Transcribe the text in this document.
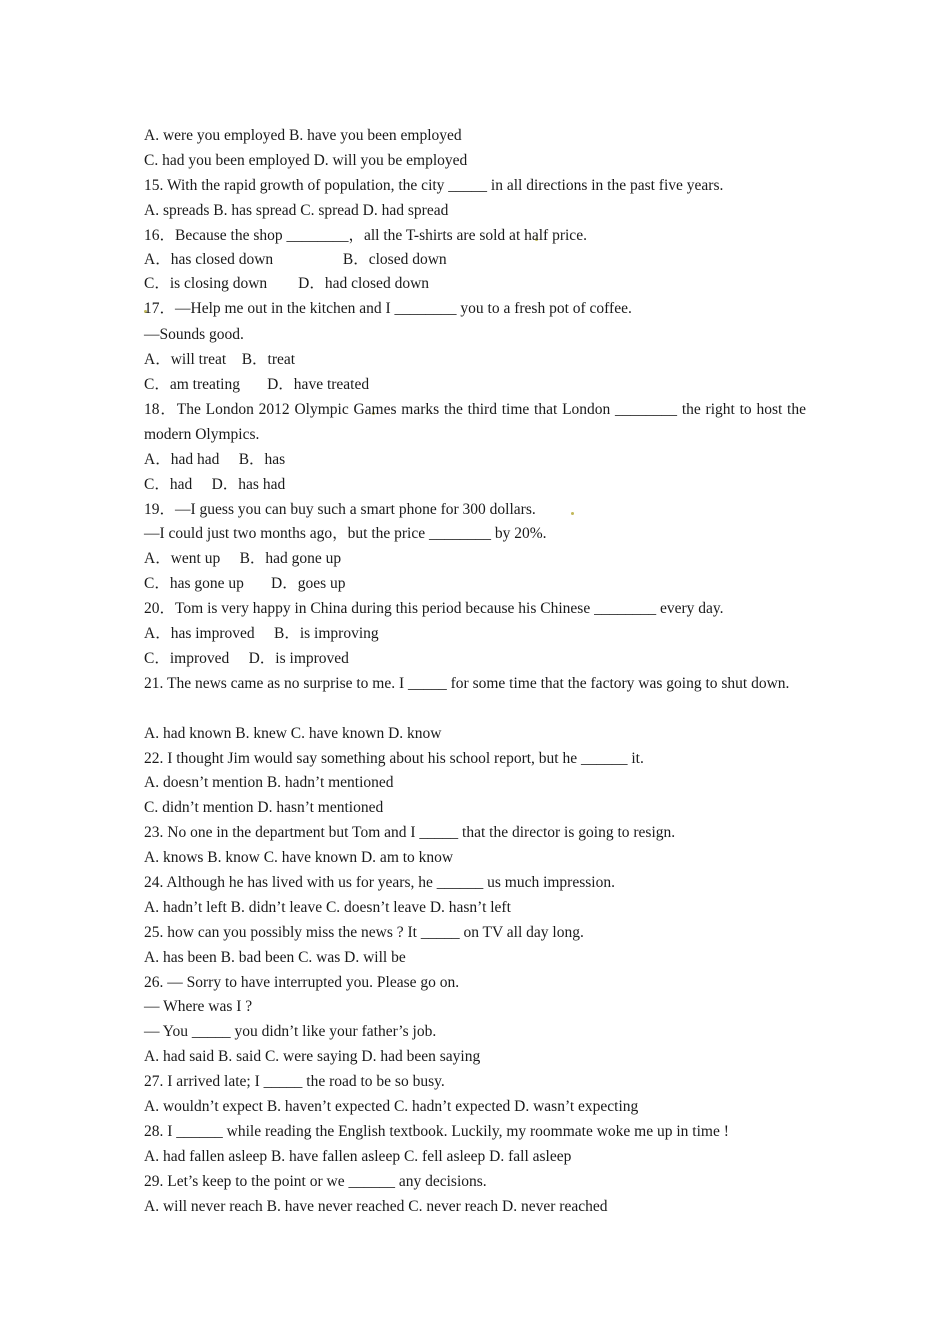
A. were you employed B. have you been employed
C. had you been employed D. will you be employed
15. With the rapid growth of population, the city _____ in all directions in the past five years.
A. spreads B. has spread C. spread D. had spread
16．Because the shop ________，all the T-shirts are sold at half price.
A．has closed down                  B．closed down
C．is closing down        D．had closed down
17．—Help me out in the kitchen and I ________ you to a fresh pot of coffee.
—Sounds good.
A．will treat    B．treat
C．am treating       D．have treated
18．The London 2012 Olympic Games marks the third time that London ________ the right to host the modern Olympics.
A．had had     B．has
C．had     D．has had
19．—I guess you can buy such a smart phone for 300 dollars.
—I could just two months ago，but the price ________ by 20%.
A．went up     B．had gone up
C．has gone up       D．goes up
20．Tom is very happy in China during this period because his Chinese ________ every day.
A．has improved     B．is improving
C．improved     D．is improved
21. The news came as no surprise to me. I _____ for some time that the factory was going to shut down.
A. had known B. knew C. have known D. know
22. I thought Jim would say something about his school report, but he ______ it.
A. doesn’t mention B. hadn’t mentioned
C. didn’t mention D. hasn’t mentioned
23. No one in the department but Tom and I _____ that the director is going to resign.
A. knows B. know C. have known D. am to know
24. Although he has lived with us for years, he ______ us much impression.
A. hadn’t left B. didn’t leave C. doesn’t leave D. hasn’t left
25. how can you possibly miss the news ? It _____ on TV all day long.
A. has been B. bad been C. was D. will be
26. — Sorry to have interrupted you. Please go on.
— Where was I ?
— You _____ you didn’t like your father’s job.
A. had said B. said C. were saying D. had been saying
27. I arrived late; I _____ the road to be so busy.
A. wouldn’t expect B. haven’t expected C. hadn’t expected D. wasn’t expecting
28. I ______ while reading the English textbook. Luckily, my roommate woke me up in time !
A. had fallen asleep B. have fallen asleep C. fell asleep D. fall asleep
29. Let’s keep to the point or we ______ any decisions.
A. will never reach B. have never reached C. never reach D. never reached
